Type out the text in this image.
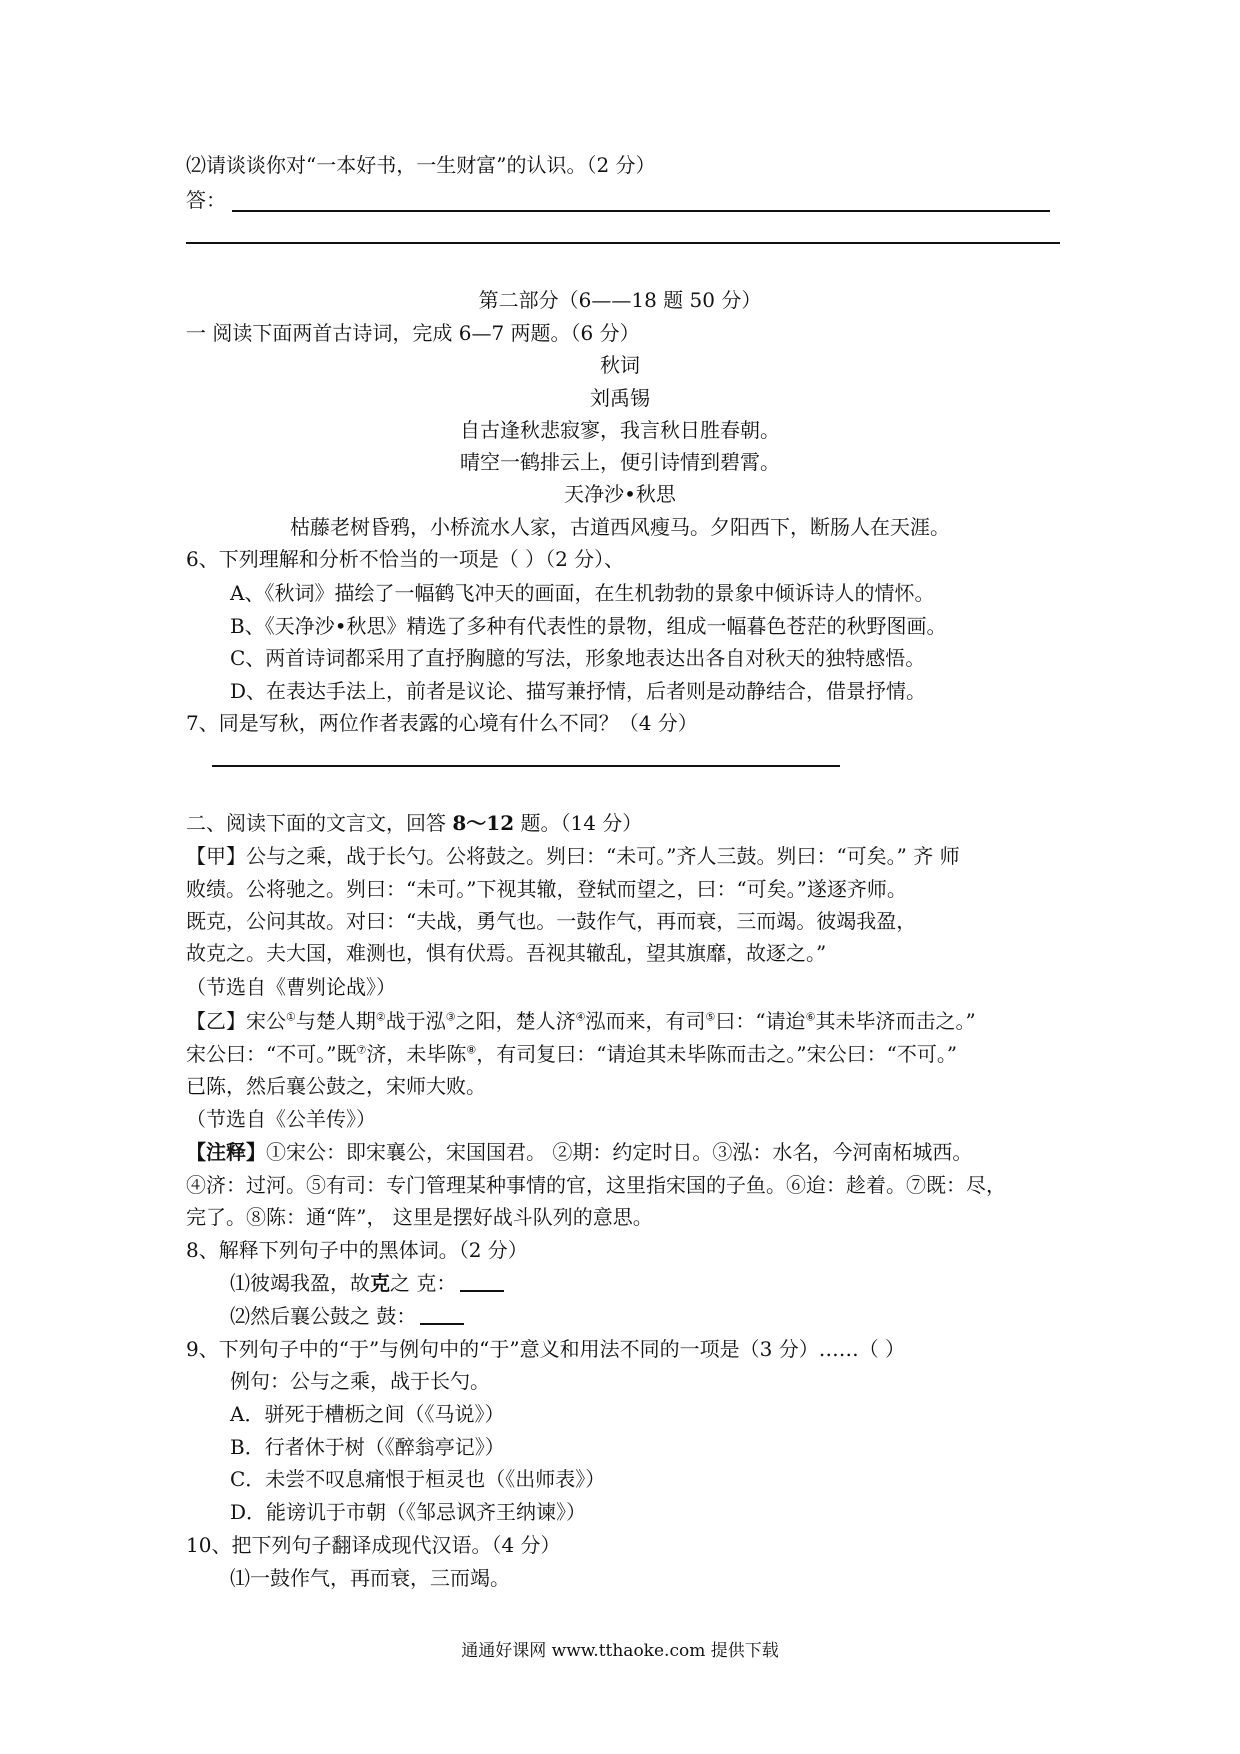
⑵请谈谈你对“一本好书，一生财富”的认识。（2 分）
答：
第二部分（6——18 题 50 分）
一 阅读下面两首古诗词，完成 6—7 两题。（6 分）
秋词
刘禹锡
自古逢秋悲寂寥，我言秋日胜春朝。
晴空一鹤排云上，便引诗情到碧霄。
天净沙•秋思
枯藤老树昏鸦，小桥流水人家，古道西风瘦马。夕阳西下，断肠人在天涯。
6、下列理解和分析不恰当的一项是（ ）（2 分）、
A、《秋词》描绘了一幅鹤飞冲天的画面，在生机勃勃的景象中倾诉诗人的情怀。
B、《天净沙•秋思》精选了多种有代表性的景物，组成一幅暮色苍茫的秋野图画。
C、两首诗词都采用了直抒胸臆的写法，形象地表达出各自对秋天的独特感悟。
D、在表达手法上，前者是议论、描写兼抒情，后者则是动静结合，借景抒情。
7、同是写秋，两位作者表露的心境有什么不同？（4 分）
二、阅读下面的文言文，回答 8～12 题。（14 分）
【甲】公与之乘，战于长勺。公将鼓之。刿曰：“未可。”齐人三鼓。刿曰：“可矣。” 齐 师
败绩。公将驰之。刿曰：“未可。”下视其辙，登轼而望之，曰：“可矣。”遂逐齐师。
既克，公问其故。对曰：“夫战，勇气也。一鼓作气，再而衰，三而竭。彼竭我盈，
故克之。夫大国，难测也，惧有伏焉。吾视其辙乱，望其旗靡，故逐之。”
（节选自《曹刿论战》）
【乙】宋公①与楚人期②战于泓③之阳，楚人济④泓而来，有司⑤曰：“请迨⑥其未毕济而击之。”
宋公曰：“不可。”既⑦济，未毕陈⑧，有司复曰：“请迨其未毕陈而击之。”宋公曰：“不可。”
已陈，然后襄公鼓之，宋师大败。
（节选自《公羊传》）
【注释】①宋公：即宋襄公，宋国国君。 ②期：约定时日。③泓：水名，今河南柘城西。
④济：过河。⑤有司：专门管理某种事情的官，这里指宋国的子鱼。⑥迨：趁着。⑦既：尽，
完了。⑧陈：通“阵”， 这里是摆好战斗队列的意思。
8、解释下列句子中的黑体词。（2 分）
⑴彼竭我盈，故克之 克：
⑵然后襄公鼓之 鼓：
9、下列句子中的“于”与例句中的“于”意义和用法不同的一项是（3 分）……（ ）
例句：公与之乘，战于长勺。
A．骈死于槽枥之间（《马说》）
B．行者休于树（《醉翁亭记》）
C．未尝不叹息痛恨于桓灵也（《出师表》）
D．能谤讥于市朝（《邹忌讽齐王纳谏》）
10、把下列句子翻译成现代汉语。（4 分）
⑴一鼓作气，再而衰，三而竭。
通通好课网 www.tthaoke.com 提供下载
